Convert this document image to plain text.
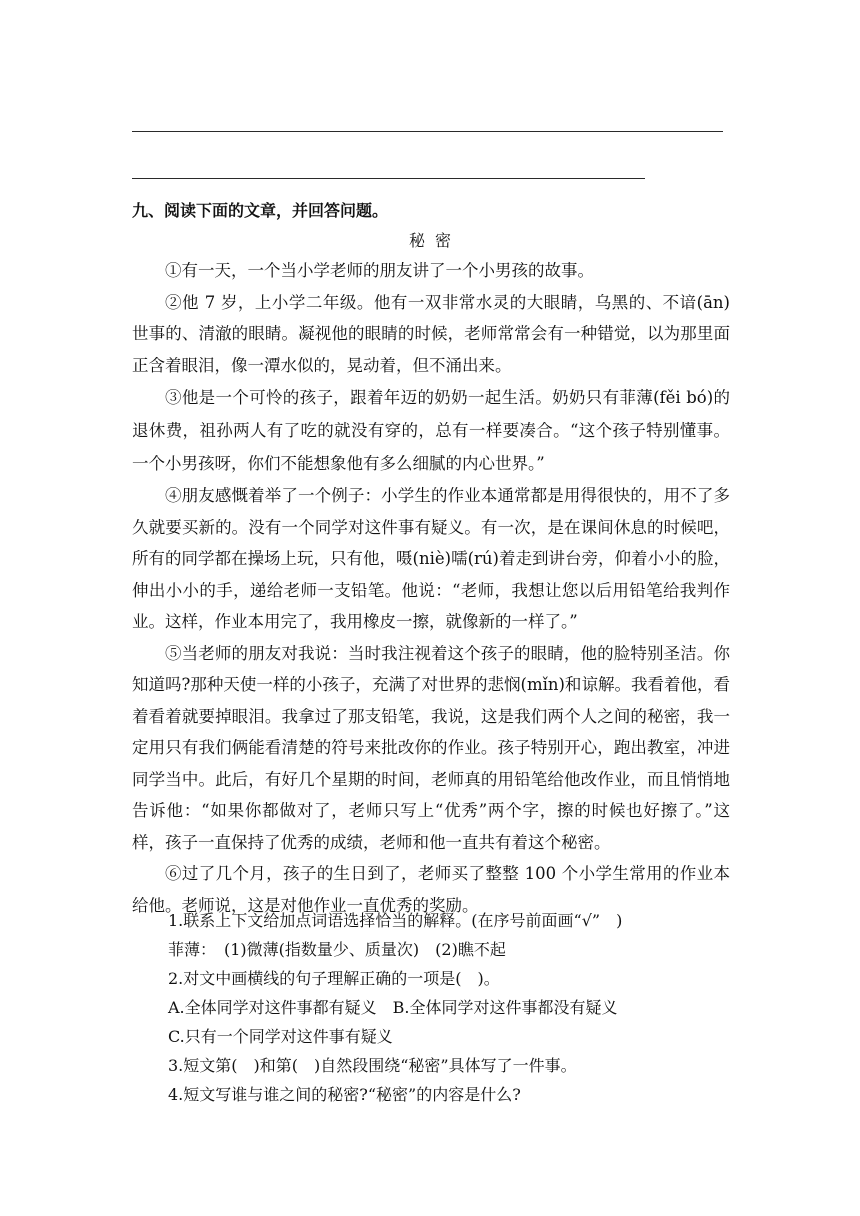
九、阅读下面的文章，并回答问题。
秘密

①有一天，一个当小学老师的朋友讲了一个小男孩的故事。

②他 7 岁，上小学二年级。他有一双非常水灵的大眼睛，乌黑的、不谙(ān)世事的、清澈的眼睛。凝视他的眼睛的时候，老师常常会有一种错觉，以为那里面正含着眼泪，像一潭水似的，晃动着，但不涌出来。

③他是一个可怜的孩子，跟着年迈的奶奶一起生活。奶奶只有菲薄(fěi bó)的退休费，祖孙两人有了吃的就没有穿的，总有一样要凑合。“这个孩子特别懂事。一个小男孩呀，你们不能想象他有多么细腻的内心世界。”

④朋友感慨着举了一个例子：小学生的作业本通常都是用得很快的，用不了多久就要买新的。没有一个同学对这件事有疑义。有一次，是在课间休息的时候吧，所有的同学都在操场上玩，只有他，嗫(niè)嚅(rú)着走到讲台旁，仰着小小的脸，伸出小小的手，递给老师一支铅笔。他说：“老师，我想让您以后用铅笔给我判作业。这样，作业本用完了，我用橡皮一擦，就像新的一样了。”

⑤当老师的朋友对我说：当时我注视着这个孩子的眼睛，他的脸特别圣洁。你知道吗?那种天使一样的小孩子，充满了对世界的悲悯(mǐn)和谅解。我看着他，看着看着就要掉眼泪。我拿过了那支铅笔，我说，这是我们两个人之间的秘密，我一定用只有我们俩能看清楚的符号来批改你的作业。孩子特别开心，跑出教室，冲进同学当中。此后，有好几个星期的时间，老师真的用铅笔给他改作业，而且悄悄地告诉他：“如果你都做对了，老师只写上“优秀”两个字，擦的时候也好擦了。”这样，孩子一直保持了优秀的成绩，老师和他一直共有着这个秘密。

⑥过了几个月，孩子的生日到了，老师买了整整 100 个小学生常用的作业本给他。老师说，这是对他作业一直优秀的奖励。

1.联系上下文给加点词语选择恰当的解释。(在序号前面画“√”　)

菲薄：　(1)微薄(指数量少、质量次)　(2)瞧不起

2.对文中画横线的句子理解正确的一项是(　)。

A.全体同学对这件事都有疑义　B.全体同学对这件事都没有疑义

C.只有一个同学对这件事有疑义

3.短文第(　)和第(　)自然段围绕“秘密”具体写了一件事。

4.短文写谁与谁之间的秘密?“秘密”的内容是什么?
